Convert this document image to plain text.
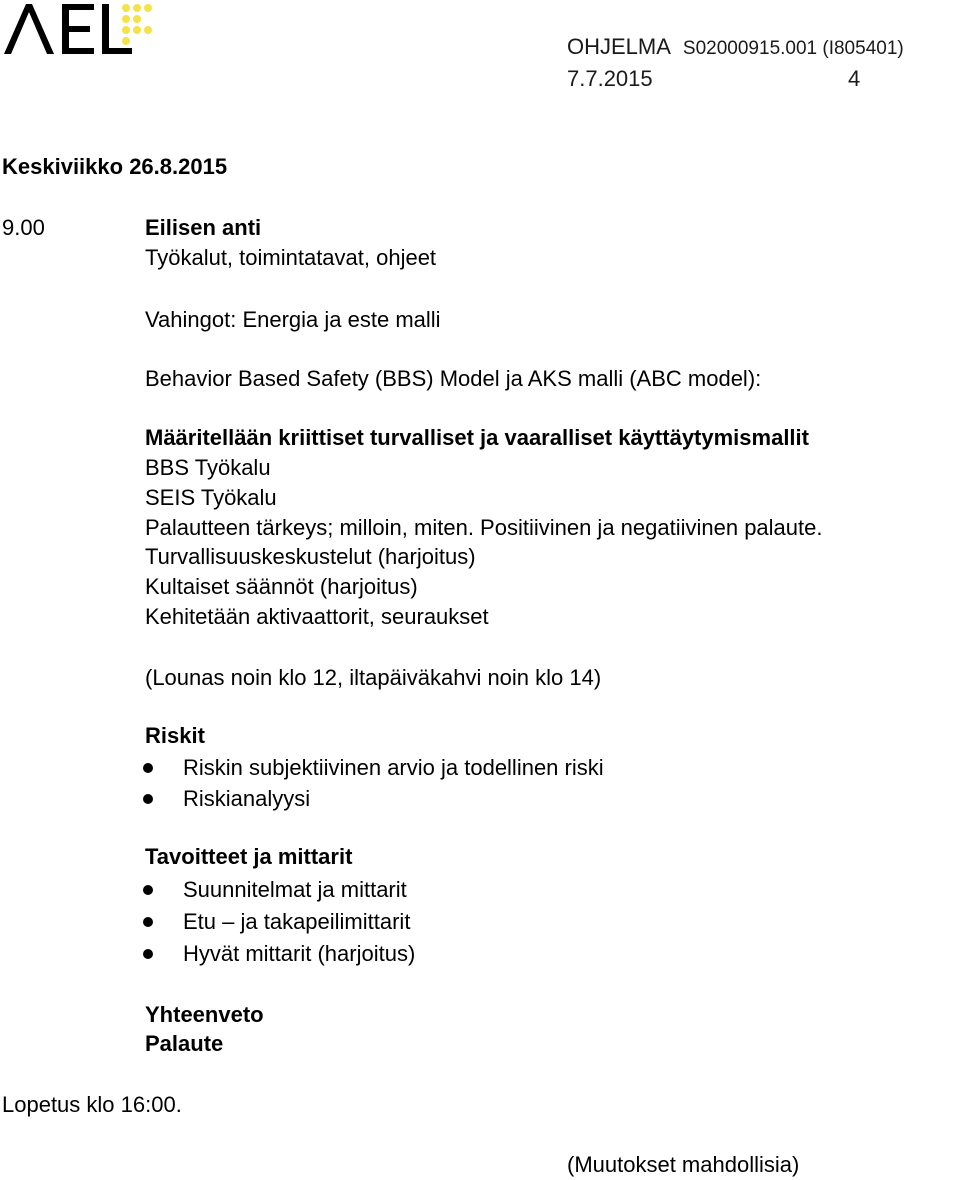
OHJELMA S02000915.001 (I805401)
7.7.2015	4
Keskiviikko 26.8.2015
9.00	Eilisen anti
Työkalut, toimintatavat, ohjeet
Vahingot: Energia ja este malli
Behavior Based Safety (BBS) Model ja AKS malli (ABC model):
Määritellään kriittiset turvalliset ja vaaralliset käyttäytymismallit
BBS Työkalu
SEIS Työkalu
Palautteen tärkeys; milloin, miten. Positiivinen ja negatiivinen palaute.
Turvallisuuskeskustelut (harjoitus)
Kultaiset säännöt (harjoitus)
Kehitetään aktivaattorit, seuraukset
(Lounas noin klo 12, iltapäiväkahvi noin klo 14)
Riskit
Riskin subjektiivinen arvio ja todellinen riski
Riskianalyysi
Tavoitteet ja mittarit
Suunnitelmat ja mittarit
Etu – ja takapeilimittarit
Hyvät mittarit (harjoitus)
Yhteenveto
Palaute
Lopetus klo 16:00.
(Muutokset mahdollisia)
